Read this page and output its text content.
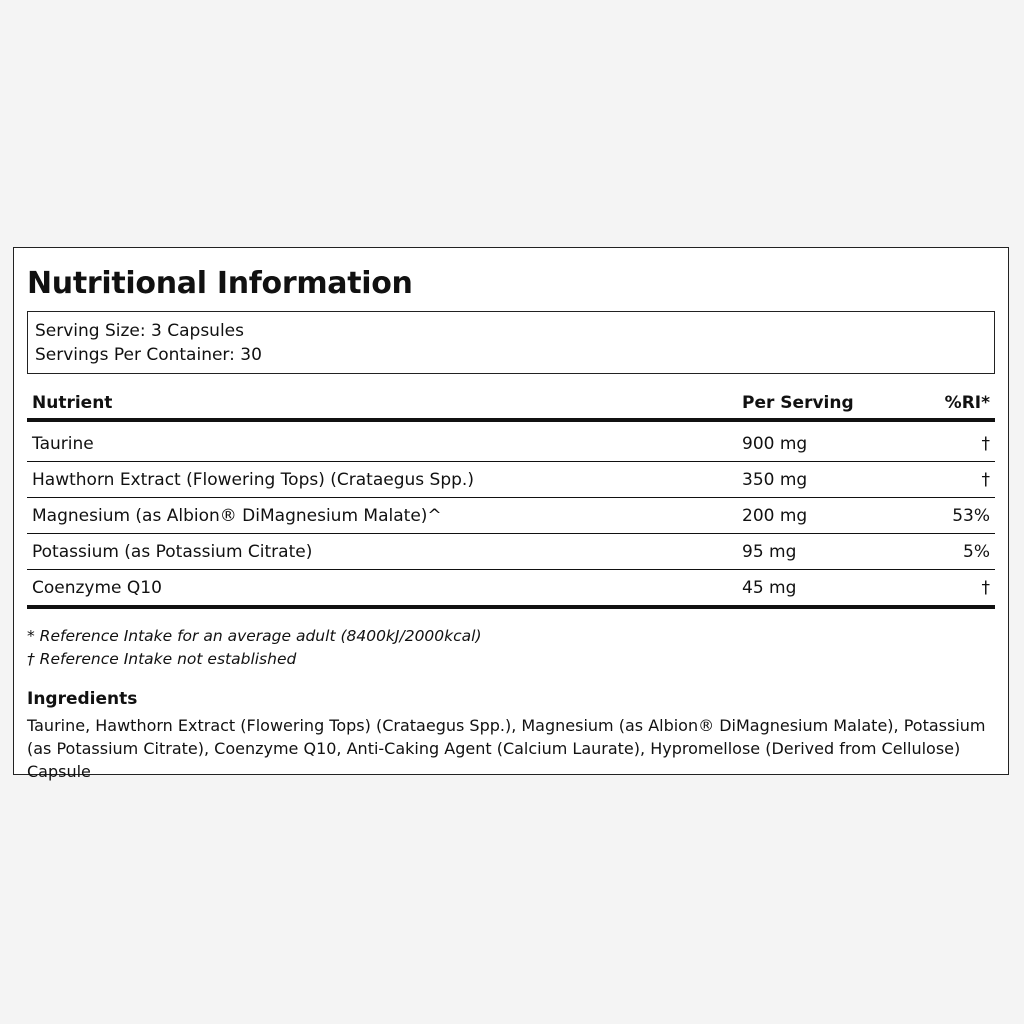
Nutritional Information
Serving Size: 3 Capsules
Servings Per Container: 30
Nutrient	Per Serving	%RI*
Taurine	900 mg	†
Hawthorn Extract (Flowering Tops) (Crataegus Spp.)	350 mg	†
Magnesium (as Albion® DiMagnesium Malate)^	200 mg	53%
Potassium (as Potassium Citrate)	95 mg	5%
Coenzyme Q10	45 mg	†
* Reference Intake for an average adult (8400kJ/2000kcal)
† Reference Intake not established
Ingredients
Taurine, Hawthorn Extract (Flowering Tops) (Crataegus Spp.), Magnesium (as Albion® DiMagnesium Malate), Potassium (as Potassium Citrate), Coenzyme Q10, Anti-Caking Agent (Calcium Laurate), Hypromellose (Derived from Cellulose) Capsule
